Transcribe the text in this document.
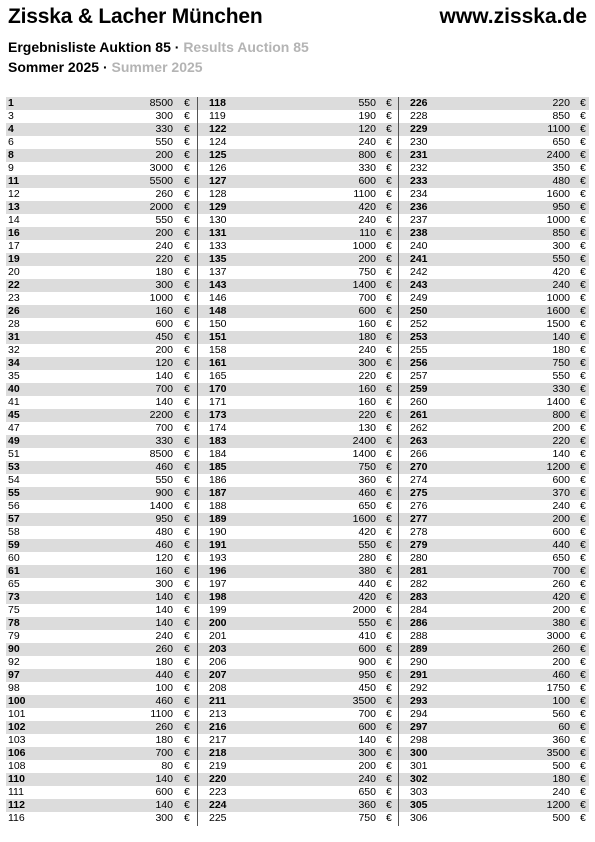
Zisska & Lacher München	www.zisska.de
Ergebnisliste Auktion 85 · Results Auction 85
Sommer 2025 · Summer 2025
1	8500 €
3	300 €
4	330 €
6	550 €
8	200 €
9	3000 €
11	5500 €
12	260 €
13	2000 €
14	550 €
16	200 €
17	240 €
19	220 €
20	180 €
22	300 €
23	1000 €
26	160 €
28	600 €
31	450 €
32	200 €
34	120 €
35	140 €
40	700 €
41	140 €
45	2200 €
47	700 €
49	330 €
51	8500 €
53	460 €
54	550 €
55	900 €
56	1400 €
57	950 €
58	480 €
59	460 €
60	120 €
61	160 €
65	300 €
73	140 €
75	140 €
78	140 €
79	240 €
90	260 €
92	180 €
97	440 €
98	100 €
100	460 €
101	1100 €
102	260 €
103	180 €
106	700 €
108	80 €
110	140 €
111	600 €
112	140 €
116	300 €
118	550 €
119	190 €
122	120 €
124	240 €
125	800 €
126	330 €
127	600 €
128	1100 €
129	420 €
130	240 €
131	110 €
133	1000 €
135	200 €
137	750 €
143	1400 €
146	700 €
148	600 €
150	160 €
151	180 €
158	240 €
161	300 €
165	220 €
170	160 €
171	160 €
173	220 €
174	130 €
183	2400 €
184	1400 €
185	750 €
186	360 €
187	460 €
188	650 €
189	1600 €
190	420 €
191	550 €
193	280 €
196	380 €
197	440 €
198	420 €
199	2000 €
200	550 €
201	410 €
203	600 €
206	900 €
207	950 €
208	450 €
211	3500 €
213	700 €
216	600 €
217	140 €
218	300 €
219	200 €
220	240 €
223	650 €
224	360 €
225	750 €
226	220 €
228	850 €
229	1100 €
230	650 €
231	2400 €
232	350 €
233	480 €
234	1600 €
236	950 €
237	1000 €
238	850 €
240	300 €
241	550 €
242	420 €
243	240 €
249	1000 €
250	1600 €
252	1500 €
253	140 €
255	180 €
256	750 €
257	550 €
259	330 €
260	1400 €
261	800 €
262	200 €
263	220 €
266	140 €
270	1200 €
274	600 €
275	370 €
276	240 €
277	200 €
278	600 €
279	440 €
280	650 €
281	700 €
282	260 €
283	420 €
284	200 €
286	380 €
288	3000 €
289	260 €
290	200 €
291	460 €
292	1750 €
293	100 €
294	560 €
297	60 €
298	360 €
300	3500 €
301	500 €
302	180 €
303	240 €
305	1200 €
306	500 €
